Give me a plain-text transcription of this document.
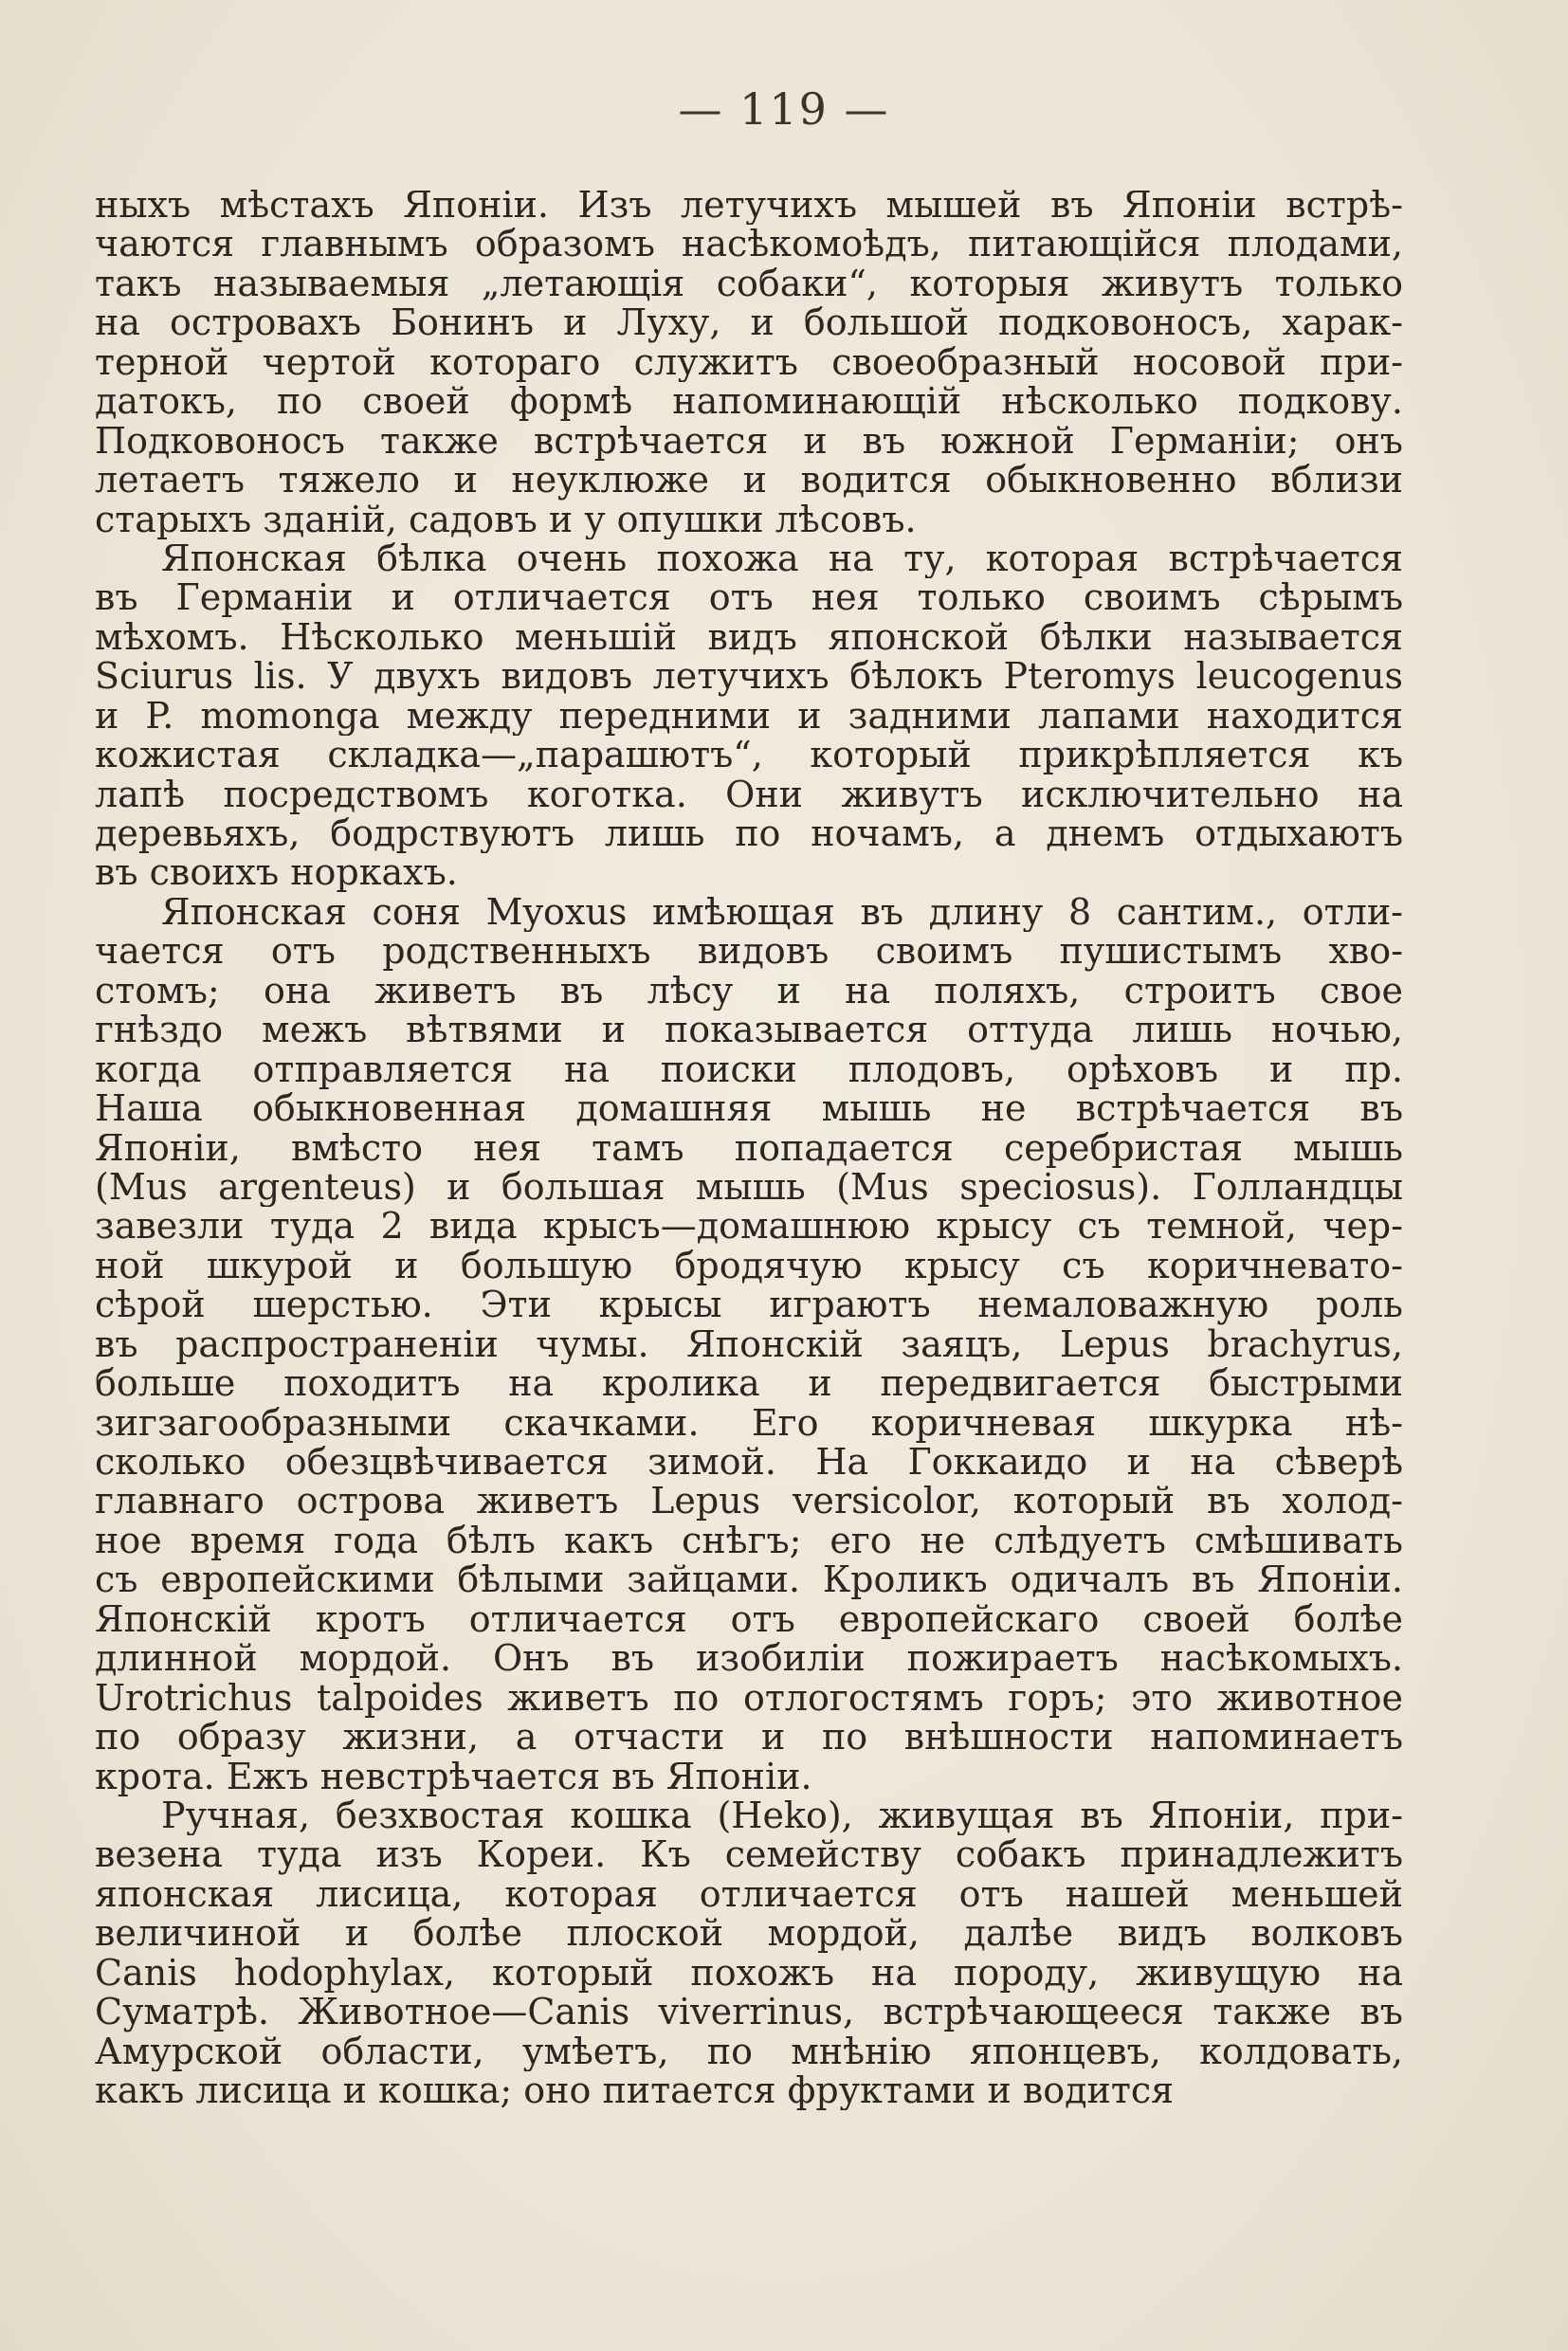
— 119 —
ныхъ мѣстахъ Японiи. Изъ летучихъ мышей въ Японiи встрѣ-
чаются главнымъ образомъ насѣкомоѣдъ, питающiйся плодами,
такъ называемыя „летающiя собаки“, которыя живутъ только
на островахъ Бонинъ и Луху, и большой подковоносъ, харак-
терной чертой котораго служитъ своеобразный носовой при-
датокъ, по своей формѣ напоминающiй нѣсколько подкову.
Подковоносъ также встрѣчается и въ южной Германiи; онъ
летаетъ тяжело и неуклюже и водится обыкновенно вблизи
старыхъ зданiй, садовъ и у опушки лѣсовъ.
Японская бѣлка очень похожа на ту, которая встрѣчается
въ Германiи и отличается отъ нея только своимъ сѣрымъ
мѣхомъ. Нѣсколько меньшiй видъ японской бѣлки называется
Sciurus lis. У двухъ видовъ летучихъ бѣлокъ Pteromys leucogenus
и P. momonga между передними и задними лапами находится
кожистая складка—„парашютъ“, который прикрѣпляется къ
лапѣ посредствомъ коготка. Они живутъ исключительно на
деревьяхъ, бодрствуютъ лишь по ночамъ, а днемъ отдыхаютъ
въ своихъ норкахъ.
Японская соня Myoxus имѣющая въ длину 8 сантим., отли-
чается отъ родственныхъ видовъ своимъ пушистымъ хво-
стомъ; она живетъ въ лѣсу и на поляхъ, строитъ свое
гнѣздо межъ вѣтвями и показывается оттуда лишь ночью,
когда отправляется на поиски плодовъ, орѣховъ и пр.
Наша обыкновенная домашняя мышь не встрѣчается въ
Японiи, вмѣсто нея тамъ попадается серебристая мышь
(Mus argenteus) и большая мышь (Mus speciosus). Голландцы
завезли туда 2 вида крысъ—домашнюю крысу съ темной, чер-
ной шкурой и большую бродячую крысу съ коричневато-
сѣрой шерстью. Эти крысы играютъ немаловажную роль
въ распространенiи чумы. Японскiй заяцъ, Lepus brachyrus,
больше походитъ на кролика и передвигается быстрыми
зигзагообразными скачками. Его коричневая шкурка нѣ-
сколько обезцвѣчивается зимой. На Гоккаидо и на сѣверѣ
главнаго острова живетъ Lepus versicolor, который въ холод-
ное время года бѣлъ какъ снѣгъ; его не слѣдуетъ смѣшивать
съ европейскими бѣлыми зайцами. Кроликъ одичалъ въ Японiи.
Японскiй кротъ отличается отъ европейскаго своей болѣе
длинной мордой. Онъ въ изобилiи пожираетъ насѣкомыхъ.
Urotrichus talpoides живетъ по отлогостямъ горъ; это животное
по образу жизни, а отчасти и по внѣшности напоминаетъ
крота. Ежъ невстрѣчается въ Японiи.
Ручная, безхвостая кошка (Heko), живущая въ Японiи, при-
везена туда изъ Кореи. Къ семейству собакъ принадлежитъ
японская лисица, которая отличается отъ нашей меньшей
величиной и болѣе плоской мордой, далѣе видъ волковъ
Canis hodophylax, который похожъ на породу, живущую на
Суматрѣ. Животное—Canis viverrinus, встрѣчающееся также въ
Амурской области, умѣетъ, по мнѣнiю японцевъ, колдовать,
какъ лисица и кошка; оно питается фруктами и водится
